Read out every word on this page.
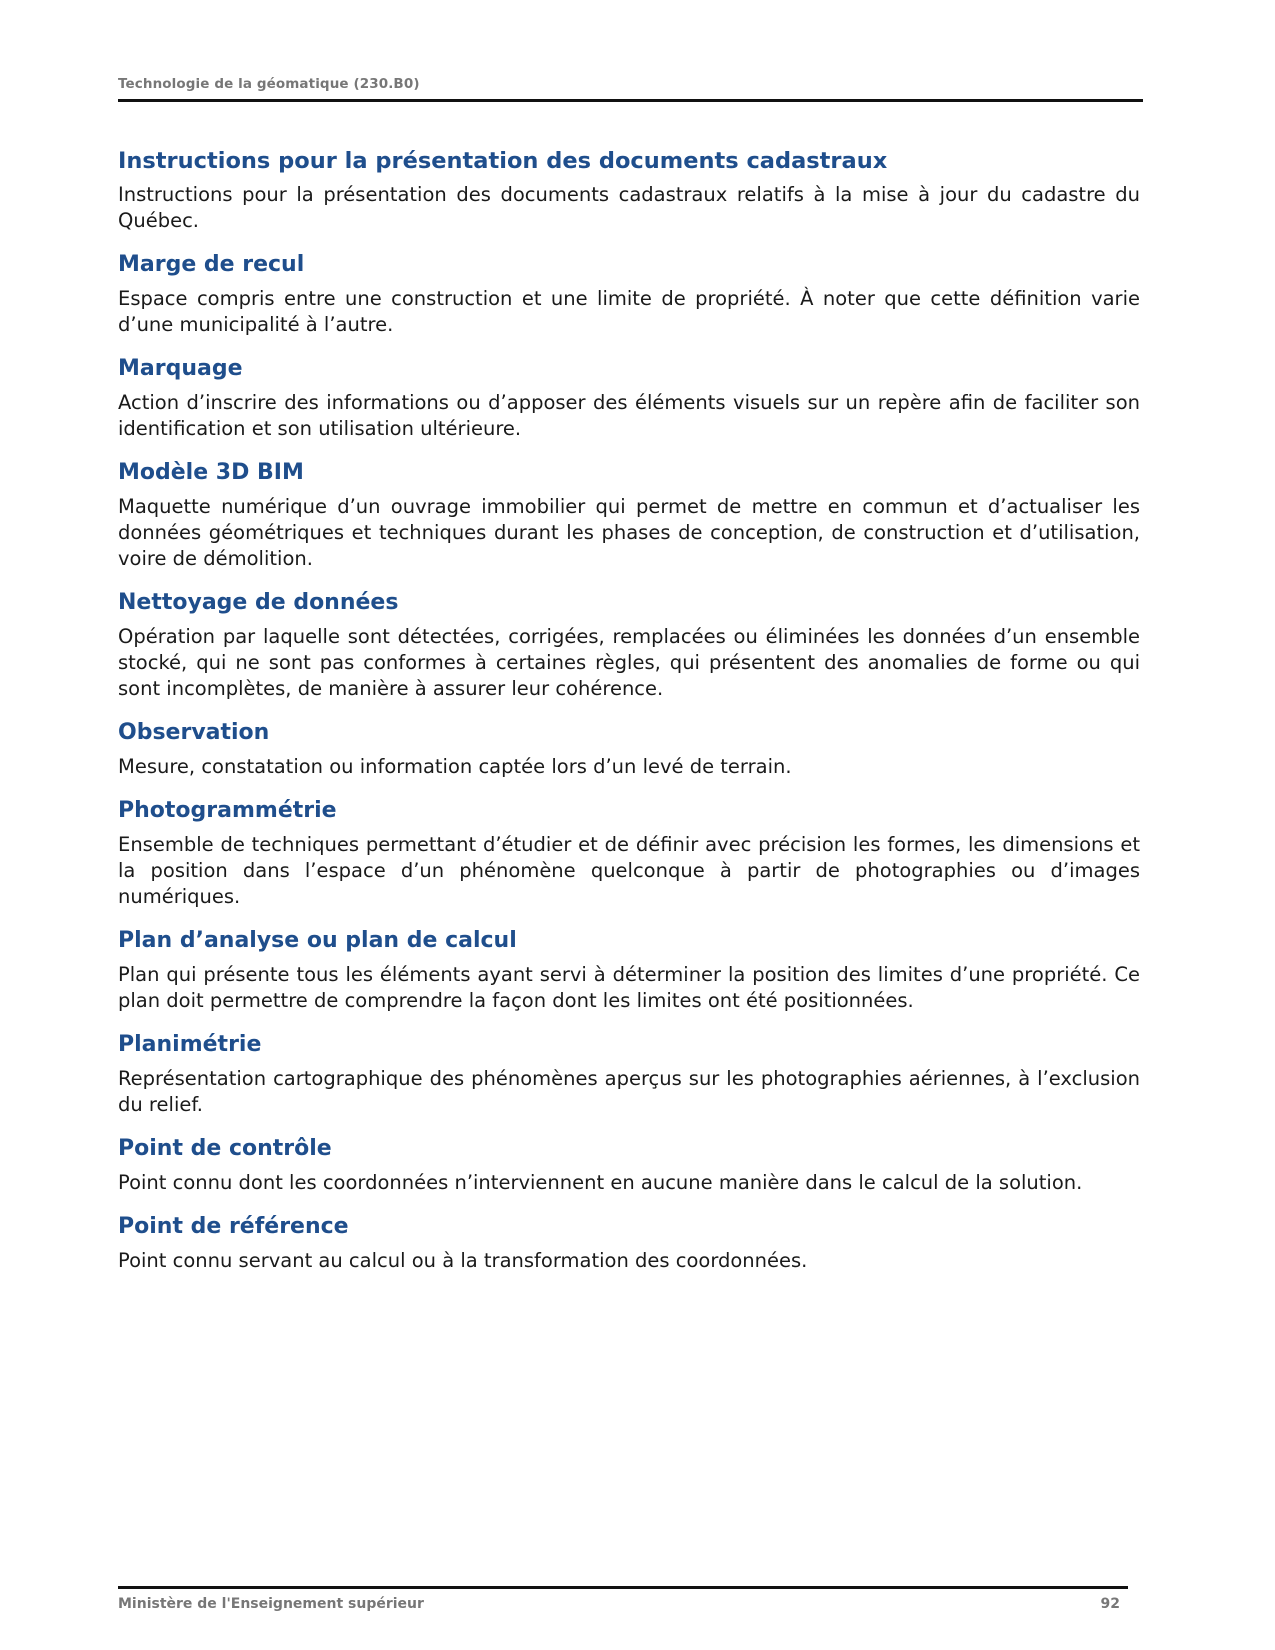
Technologie de la géomatique (230.B0)
Instructions pour la présentation des documents cadastraux

Instructions pour la présentation des documents cadastraux relatifs à la mise à jour du cadastre du Québec.

Marge de recul

Espace compris entre une construction et une limite de propriété. À noter que cette définition varie d’une municipalité à l’autre.

Marquage

Action d’inscrire des informations ou d’apposer des éléments visuels sur un repère afin de faciliter son identification et son utilisation ultérieure.

Modèle 3D BIM

Maquette numérique d’un ouvrage immobilier qui permet de mettre en commun et d’actualiser les données géométriques et techniques durant les phases de conception, de construction et d’utilisation, voire de démolition.

Nettoyage de données

Opération par laquelle sont détectées, corrigées, remplacées ou éliminées les données d’un ensemble stocké, qui ne sont pas conformes à certaines règles, qui présentent des anomalies de forme ou qui sont incomplètes, de manière à assurer leur cohérence.

Observation

Mesure, constatation ou information captée lors d’un levé de terrain.

Photogrammétrie

Ensemble de techniques permettant d’étudier et de définir avec précision les formes, les dimensions et la position dans l’espace d’un phénomène quelconque à partir de photographies ou d’images numériques.

Plan d’analyse ou plan de calcul

Plan qui présente tous les éléments ayant servi à déterminer la position des limites d’une propriété. Ce plan doit permettre de comprendre la façon dont les limites ont été positionnées.

Planimétrie

Représentation cartographique des phénomènes aperçus sur les photographies aériennes, à l’exclusion du relief.

Point de contrôle

Point connu dont les coordonnées n’interviennent en aucune manière dans le calcul de la solution.

Point de référence

Point connu servant au calcul ou à la transformation des coordonnées.

Ministère de l'Enseignement supérieur	92
